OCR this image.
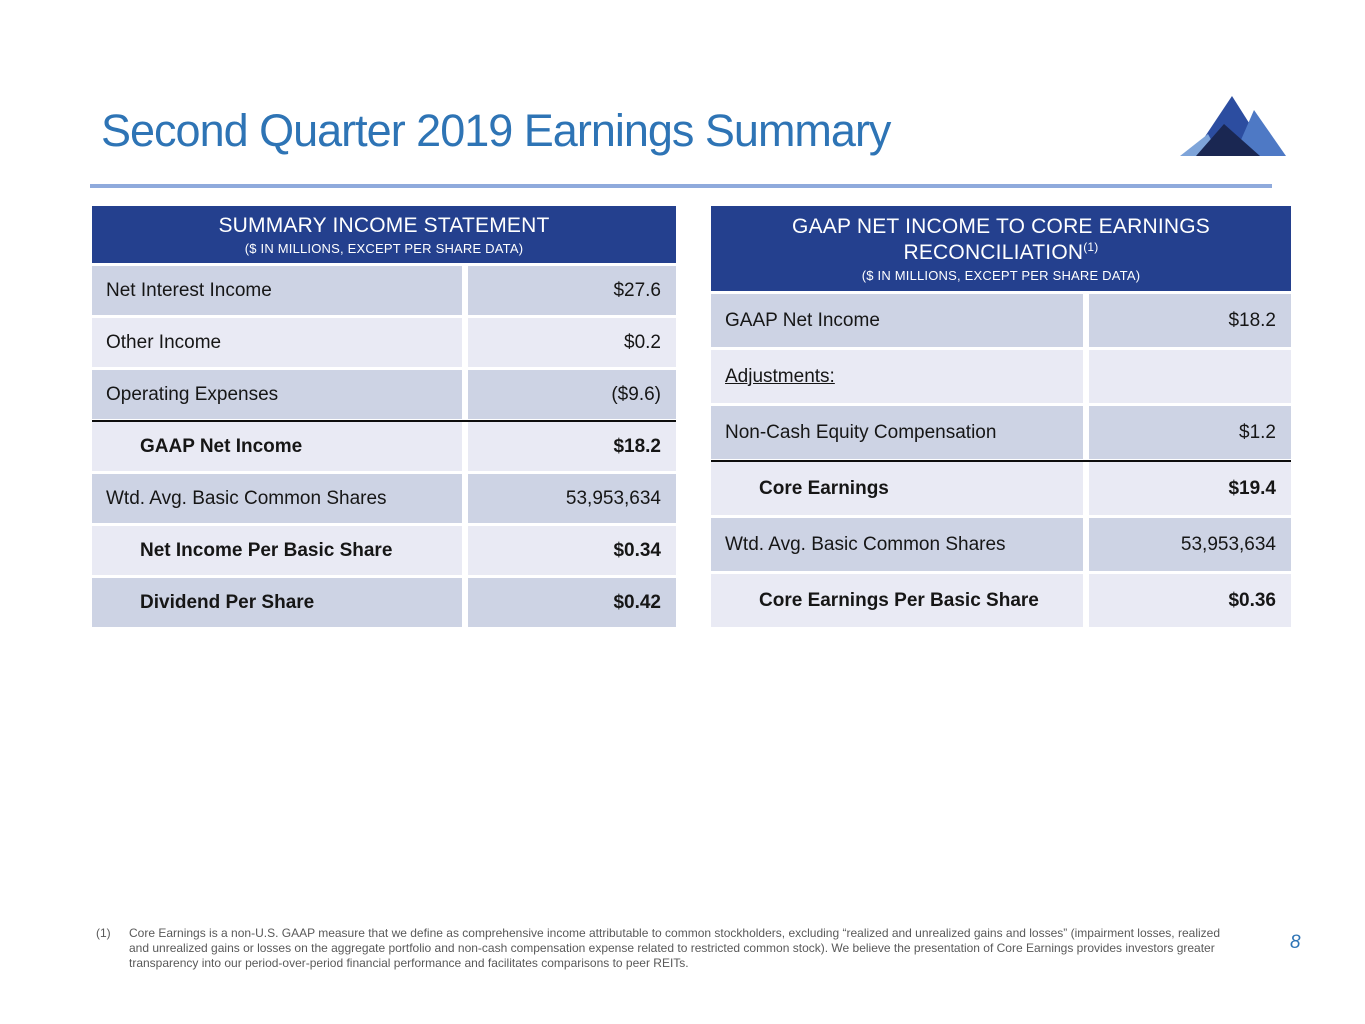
Second Quarter 2019 Earnings Summary
SUMMARY INCOME STATEMENT
($ IN MILLIONS, EXCEPT PER SHARE DATA)
Net Interest Income	$27.6
Other Income	$0.2
Operating Expenses	($9.6)
GAAP Net Income	$18.2
Wtd. Avg. Basic Common Shares	53,953,634
Net Income Per Basic Share	$0.34
Dividend Per Share	$0.42
GAAP NET INCOME TO CORE EARNINGS RECONCILIATION$^{(1)}$
($ IN MILLIONS, EXCEPT PER SHARE DATA)
GAAP Net Income	$18.2
Adjustments:
Non-Cash Equity Compensation	$1.2
Core Earnings	$19.4
Wtd. Avg. Basic Common Shares	53,953,634
Core Earnings Per Basic Share	$0.36
(1)	Core Earnings is a non-U.S. GAAP measure that we define as comprehensive income attributable to common stockholders, excluding “realized and unrealized gains and losses” (impairment losses, realized and unrealized gains or losses on the aggregate portfolio and non-cash compensation expense related to restricted common stock). We believe the presentation of Core Earnings provides investors greater transparency into our period-over-period financial performance and facilitates comparisons to peer REITs.
8
